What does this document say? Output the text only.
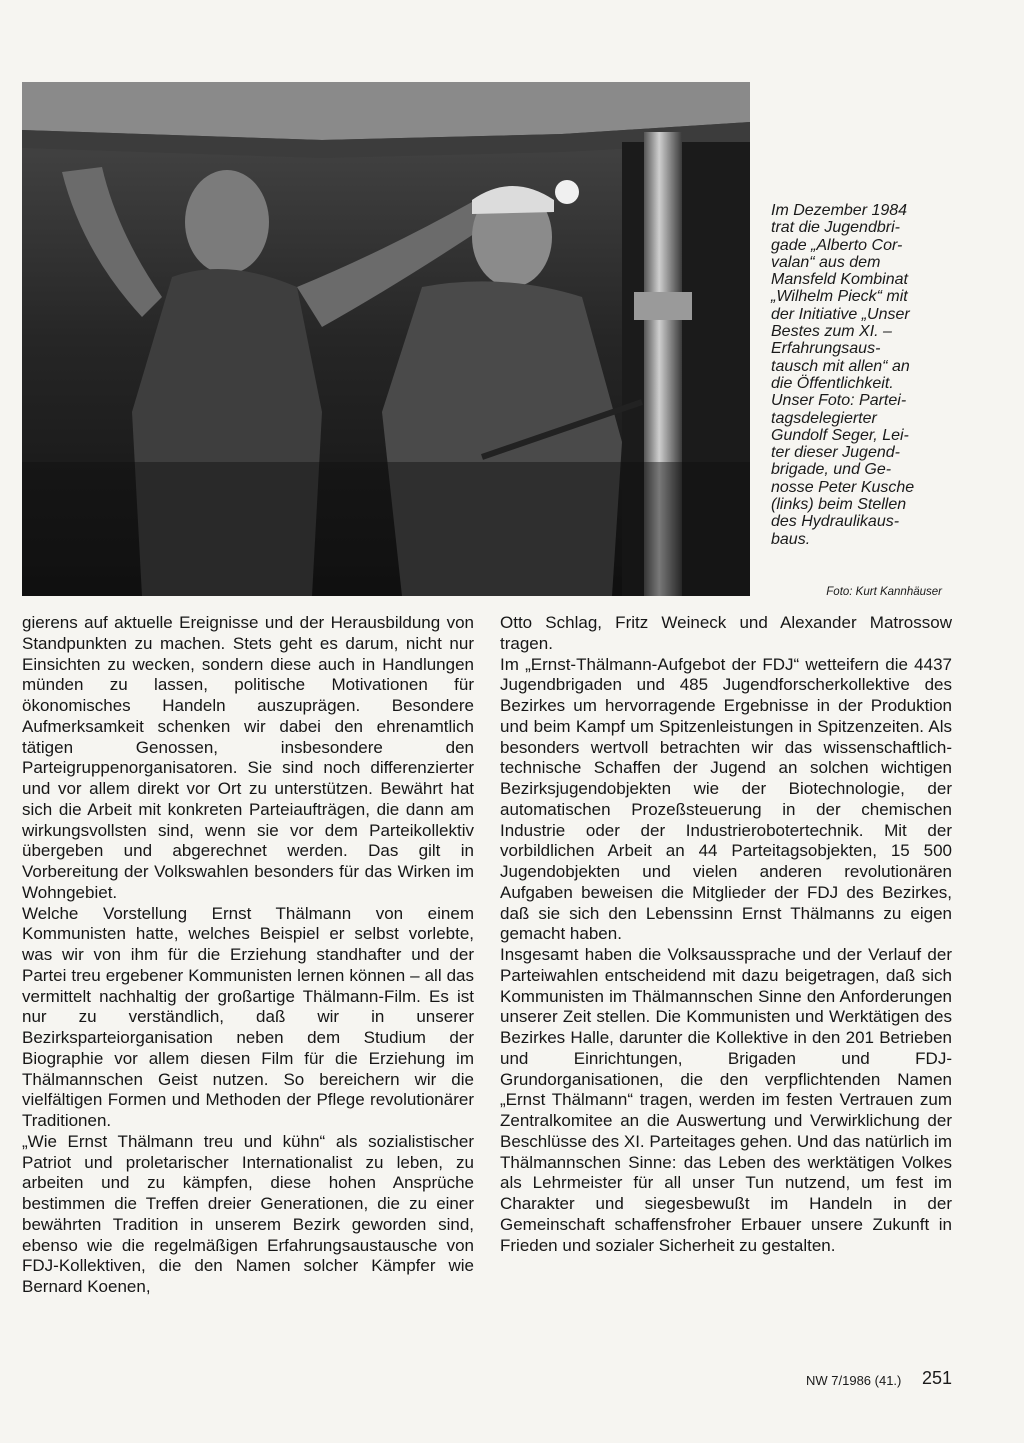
Im Dezember 1984

trat die Jugendbri-

gade „Alberto Cor-

valan“ aus dem

Mansfeld Kombinat

„Wilhelm Pieck“ mit

der Initiative „Unser

Bestes zum XI. –

Erfahrungsaus-

tausch mit allen“ an

die Öffentlichkeit.

Unser Foto: Partei-

tagsdelegierter

Gundolf Seger, Lei-

ter dieser Jugend-

brigade, und Ge-

nosse Peter Kusche

(links) beim Stellen

des Hydraulikaus-

baus.

Foto: Kurt Kannhäuser

gierens auf aktuelle Ereignisse und der Herausbildung von Standpunkten zu machen. Stets geht es darum, nicht nur Einsichten zu wecken, sondern diese auch in Handlungen münden zu lassen, politische Motivationen für ökonomisches Handeln auszuprägen. Besondere Aufmerksamkeit schenken wir dabei den ehrenamtlich tätigen Genossen, insbesondere den Parteigruppenorganisatoren. Sie sind noch differenzierter und vor allem direkt vor Ort zu unterstützen. Bewährt hat sich die Arbeit mit konkreten Parteiaufträgen, die dann am wirkungsvollsten sind, wenn sie vor dem Parteikollektiv übergeben und abgerechnet werden. Das gilt in Vorbereitung der Volkswahlen besonders für das Wirken im Wohngebiet.

Welche Vorstellung Ernst Thälmann von einem Kommunisten hatte, welches Beispiel er selbst vorlebte, was wir von ihm für die Erziehung standhafter und der Partei treu ergebener Kommunisten lernen können – all das vermittelt nachhaltig der großartige Thälmann-Film. Es ist nur zu verständlich, daß wir in unserer Bezirksparteiorganisation neben dem Studium der Biographie vor allem diesen Film für die Erziehung im Thälmannschen Geist nutzen. So bereichern wir die vielfältigen Formen und Methoden der Pflege revolutionärer Traditionen.

„Wie Ernst Thälmann treu und kühn“ als sozialistischer Patriot und proletarischer Internationalist zu leben, zu arbeiten und zu kämpfen, diese hohen Ansprüche bestimmen die Treffen dreier Generationen, die zu einer bewährten Tradition in unserem Bezirk geworden sind, ebenso wie die regelmäßigen Erfahrungsaustausche von FDJ-Kollektiven, die den Namen solcher Kämpfer wie Bernard Koenen,

Otto Schlag, Fritz Weineck und Alexander Matrossow tragen.

Im „Ernst-Thälmann-Aufgebot der FDJ“ wetteifern die 4437 Jugendbrigaden und 485 Jugendforscherkollektive des Bezirkes um hervorragende Ergebnisse in der Produktion und beim Kampf um Spitzenleistungen in Spitzenzeiten. Als besonders wertvoll betrachten wir das wissenschaftlich-technische Schaffen der Jugend an solchen wichtigen Bezirksjugendobjekten wie der Biotechnologie, der automatischen Prozeßsteuerung in der chemischen Industrie oder der Industrierobotertechnik. Mit der vorbildlichen Arbeit an 44 Parteitagsobjekten, 15 500 Jugendobjekten und vielen anderen revolutionären Aufgaben beweisen die Mitglieder der FDJ des Bezirkes, daß sie sich den Lebenssinn Ernst Thälmanns zu eigen gemacht haben.

Insgesamt haben die Volksaussprache und der Verlauf der Parteiwahlen entscheidend mit dazu beigetragen, daß sich Kommunisten im Thälmannschen Sinne den Anforderungen unserer Zeit stellen. Die Kommunisten und Werktätigen des Bezirkes Halle, darunter die Kollektive in den 201 Betrieben und Einrichtungen, Brigaden und FDJ-Grundorganisationen, die den verpflichtenden Namen „Ernst Thälmann“ tragen, werden im festen Vertrauen zum Zentralkomitee an die Auswertung und Verwirklichung der Beschlüsse des XI. Parteitages gehen. Und das natürlich im Thälmannschen Sinne: das Leben des werktätigen Volkes als Lehrmeister für all unser Tun nutzend, um fest im Charakter und siegesbewußt im Handeln in der Gemeinschaft schaffensfroher Erbauer unsere Zukunft in Frieden und sozialer Sicherheit zu gestalten.

NW 7/1986 (41.) 251
